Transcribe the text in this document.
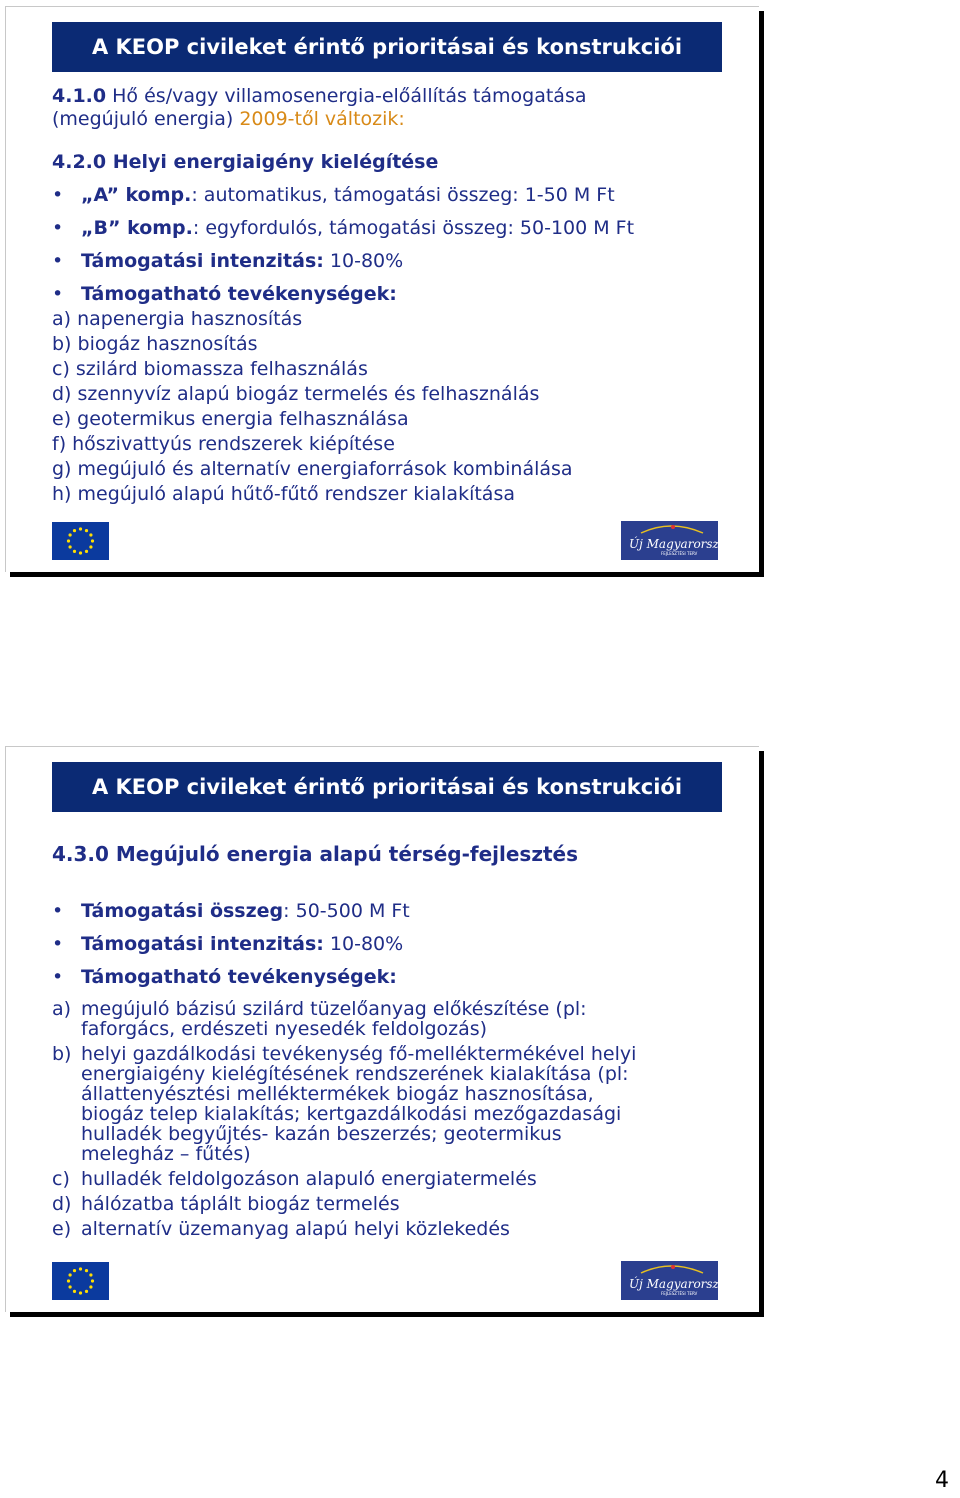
A KEOP civileket érintő prioritásai és konstrukciói
4.1.0 Hő és/vagy villamosenergia-előállítás támogatása
(megújuló energia) 2009-től változik:
4.2.0 Helyi energiaigény kielégítése
• „A” komp.: automatikus, támogatási összeg: 1-50 M Ft
• „B” komp.: egyfordulós, támogatási összeg: 50-100 M Ft
• Támogatási intenzitás: 10-80%
• Támogatható tevékenységek:
a) napenergia hasznosítás
b) biogáz hasznosítás
c) szilárd biomassza felhasználás
d) szennyvíz alapú biogáz termelés és felhasználás
e) geotermikus energia felhasználása
f) hőszivattyús rendszerek kiépítése
g) megújuló és alternatív energiaforrások kombinálása
h) megújuló alapú hűtő-fűtő rendszer kialakítása
Új Magyarország
FEJLESZTÉSI TERV
A KEOP civileket érintő prioritásai és konstrukciói
4.3.0 Megújuló energia alapú térség-fejlesztés
• Támogatási összeg: 50-500 M Ft
• Támogatási intenzitás: 10-80%
• Támogatható tevékenységek:
a) megújuló bázisú szilárd tüzelőanyag előkészítése (pl:
faforgács, erdészeti nyesedék feldolgozás)
b) helyi gazdálkodási tevékenység fő-melléktermékével helyi
energiaigény kielégítésének rendszerének kialakítása (pl:
állattenyésztési melléktermékek biogáz hasznosítása,
biogáz telep kialakítás; kertgazdálkodási mezőgazdasági
hulladék begyűjtés- kazán beszerzés; geotermikus
melegház – fűtés)
c) hulladék feldolgozáson alapuló energiatermelés
d) hálózatba táplált biogáz termelés
e) alternatív üzemanyag alapú helyi közlekedés
Új Magyarország
FEJLESZTÉSI TERV
4
